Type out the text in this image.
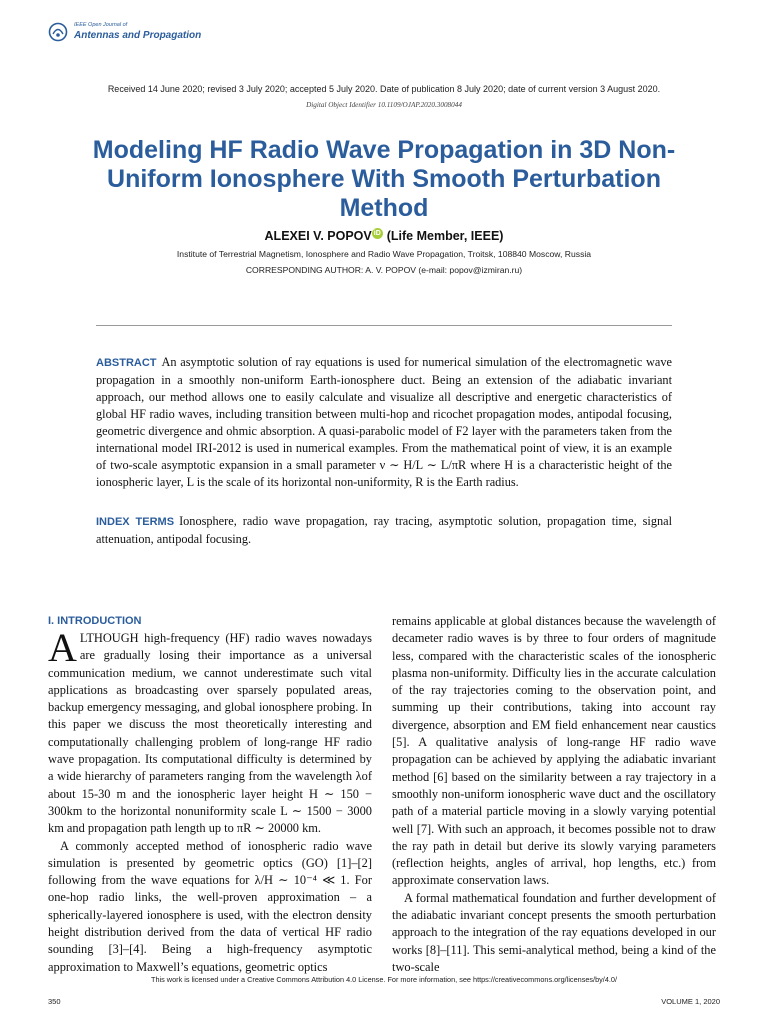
IEEE Open Journal of
Antennas and Propagation
Received 14 June 2020; revised 3 July 2020; accepted 5 July 2020. Date of publication 8 July 2020; date of current version 3 August 2020.
Digital Object Identifier 10.1109/OJAP.2020.3008044
Modeling HF Radio Wave Propagation in 3D Non-Uniform Ionosphere With Smooth Perturbation Method
ALEXEI V. POPOV iD (Life Member, IEEE)
Institute of Terrestrial Magnetism, Ionosphere and Radio Wave Propagation, Troitsk, 108840 Moscow, Russia
CORRESPONDING AUTHOR: A. V. POPOV (e-mail: popov@izmiran.ru)
ABSTRACT An asymptotic solution of ray equations is used for numerical simulation of the electromagnetic wave propagation in a smoothly non-uniform Earth-ionosphere duct. Being an extension of the adiabatic invariant approach, our method allows one to easily calculate and visualize all descriptive and energetic characteristics of global HF radio waves, including transition between multi-hop and ricochet propagation modes, antipodal focusing, geometric divergence and ohmic absorption. A quasi-parabolic model of F2 layer with the parameters taken from the international model IRI-2012 is used in numerical examples. From the mathematical point of view, it is an example of two-scale asymptotic expansion in a small parameter ν ∼ H/L ∼ L/πR where H is a characteristic height of the ionospheric layer, L is the scale of its horizontal non-uniformity, R is the Earth radius.
INDEX TERMS Ionosphere, radio wave propagation, ray tracing, asymptotic solution, propagation time, signal attenuation, antipodal focusing.
I. INTRODUCTION

ALTHOUGH high-frequency (HF) radio waves nowadays are gradually losing their importance as a universal communication medium, we cannot underestimate such vital applications as broadcasting over sparsely populated areas, backup emergency messaging, and global ionosphere probing. In this paper we discuss the most theoretically interesting and computationally challenging problem of long-range HF radio wave propagation. Its computational difficulty is determined by a wide hierarchy of parameters ranging from the wavelength λof about 15-30 m and the ionospheric layer height H ∼ 150 − 300km to the horizontal nonuniformity scale L ∼ 1500 − 3000 km and propagation path length up to πR ∼ 20000 km.

A commonly accepted method of ionospheric radio wave simulation is presented by geometric optics (GO) [1]–[2] following from the wave equations for λ/H ∼ 10⁻⁴ ≪ 1. For one-hop radio links, the well-proven approximation – a spherically-layered ionosphere is used, with the electron density height distribution derived from the data of vertical HF radio sounding [3]–[4]. Being a high-frequency asymptotic approximation to Maxwell’s equations, geometric optics

remains applicable at global distances because the wavelength of decameter radio waves is by three to four orders of magnitude less, compared with the characteristic scales of the ionospheric plasma non-uniformity. Difficulty lies in the accurate calculation of the ray trajectories coming to the observation point, and summing up their contributions, taking into account ray divergence, absorption and EM field enhancement near caustics [5]. A qualitative analysis of long-range HF radio wave propagation can be achieved by applying the adiabatic invariant method [6] based on the similarity between a ray trajectory in a smoothly non-uniform ionospheric wave duct and the oscillatory path of a material particle moving in a slowly varying potential well [7]. With such an approach, it becomes possible not to draw the ray path in detail but derive its slowly varying parameters (reflection heights, angles of arrival, hop lengths, etc.) from approximate conservation laws.

A formal mathematical foundation and further development of the adiabatic invariant concept presents the smooth perturbation approach to the integration of the ray equations developed in our works [8]–[11]. This semi-analytical method, being a kind of the two-scale

This work is licensed under a Creative Commons Attribution 4.0 License. For more information, see https://creativecommons.org/licenses/by/4.0/
350	VOLUME 1, 2020
